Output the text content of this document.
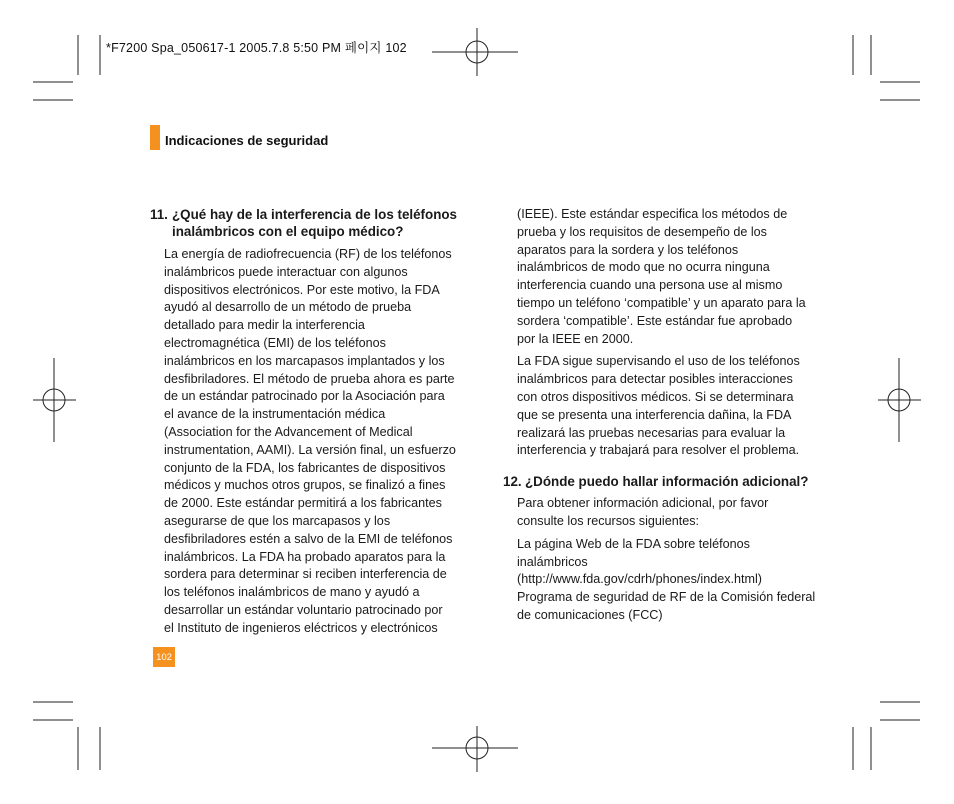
*F7200 Spa_050617-1 2005.7.8 5:50 PM 페이지 102
Indicaciones de seguridad

11. ¿Qué hay de la interferencia de los teléfonos
inalámbricos con el equipo médico?

La energía de radiofrecuencia (RF) de los teléfonos
inalámbricos puede interactuar con algunos
dispositivos electrónicos. Por este motivo, la FDA
ayudó al desarrollo de un método de prueba
detallado para medir la interferencia
electromagnética (EMI) de los teléfonos
inalámbricos en los marcapasos implantados y los
desfibriladores. El método de prueba ahora es parte
de un estándar patrocinado por la Asociación para
el avance de la instrumentación médica
(Association for the Advancement of Medical
instrumentation, AAMI). La versión final, un esfuerzo
conjunto de la FDA, los fabricantes de dispositivos
médicos y muchos otros grupos, se finalizó a fines
de 2000. Este estándar permitirá a los fabricantes
asegurarse de que los marcapasos y los
desfibriladores estén a salvo de la EMI de teléfonos
inalámbricos. La FDA ha probado aparatos para la
sordera para determinar si reciben interferencia de
los teléfonos inalámbricos de mano y ayudó a
desarrollar un estándar voluntario patrocinado por
el Instituto de ingenieros eléctricos y electrónicos

(IEEE). Este estándar especifica los métodos de
prueba y los requisitos de desempeño de los
aparatos para la sordera y los teléfonos
inalámbricos de modo que no ocurra ninguna
interferencia cuando una persona use al mismo
tiempo un teléfono ‘compatible’ y un aparato para la
sordera ‘compatible’. Este estándar fue aprobado
por la IEEE en 2000.

La FDA sigue supervisando el uso de los teléfonos
inalámbricos para detectar posibles interacciones
con otros dispositivos médicos. Si se determinara
que se presenta una interferencia dañina, la FDA
realizará las pruebas necesarias para evaluar la
interferencia y trabajará para resolver el problema.

12. ¿Dónde puedo hallar información adicional?

Para obtener información adicional, por favor
consulte los recursos siguientes:

La página Web de la FDA sobre teléfonos
inalámbricos
(http://www.fda.gov/cdrh/phones/index.html)
Programa de seguridad de RF de la Comisión federal
de comunicaciones (FCC)

102
